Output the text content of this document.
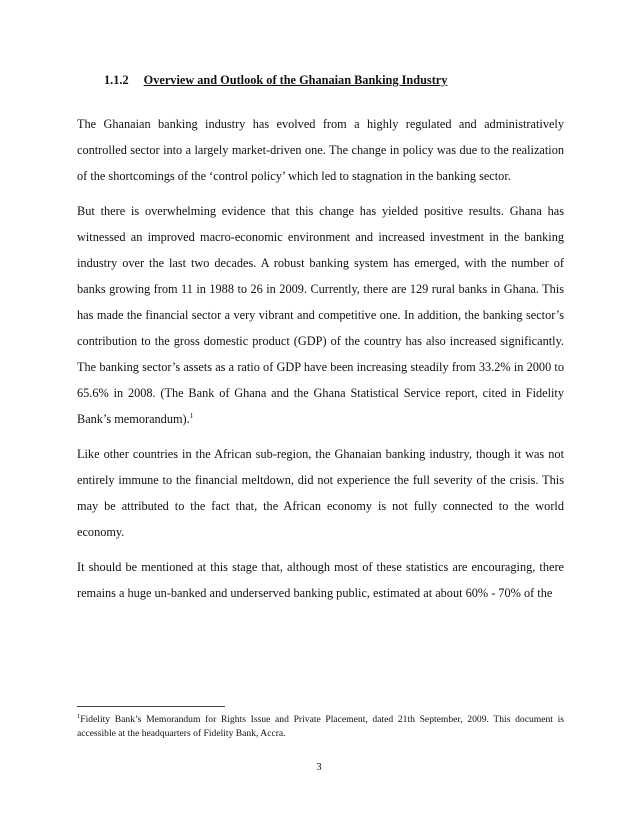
1.1.2 Overview and Outlook of the Ghanaian Banking Industry

The Ghanaian banking industry has evolved from a highly regulated and administratively controlled sector into a largely market-driven one. The change in policy was due to the realization of the shortcomings of the ‘control policy’ which led to stagnation in the banking sector.

But there is overwhelming evidence that this change has yielded positive results. Ghana has witnessed an improved macro-economic environment and increased investment in the banking industry over the last two decades. A robust banking system has emerged, with the number of banks growing from 11 in 1988 to 26 in 2009. Currently, there are 129 rural banks in Ghana. This has made the financial sector a very vibrant and competitive one. In addition, the banking sector’s contribution to the gross domestic product (GDP) of the country has also increased significantly. The banking sector’s assets as a ratio of GDP have been increasing steadily from 33.2% in 2000 to 65.6% in 2008. (The Bank of Ghana and the Ghana Statistical Service report, cited in Fidelity Bank’s memorandum).$^1$

Like other countries in the African sub-region, the Ghanaian banking industry, though it was not entirely immune to the financial meltdown, did not experience the full severity of the crisis. This may be attributed to the fact that, the African economy is not fully connected to the world economy.

It should be mentioned at this stage that, although most of these statistics are encouraging, there remains a huge un-banked and underserved banking public, estimated at about 60% - 70% of the

$^1$Fidelity Bank’s Memorandum for Rights Issue and Private Placement, dated 21th September, 2009. This document is accessible at the headquarters of Fidelity Bank, Accra.
3
